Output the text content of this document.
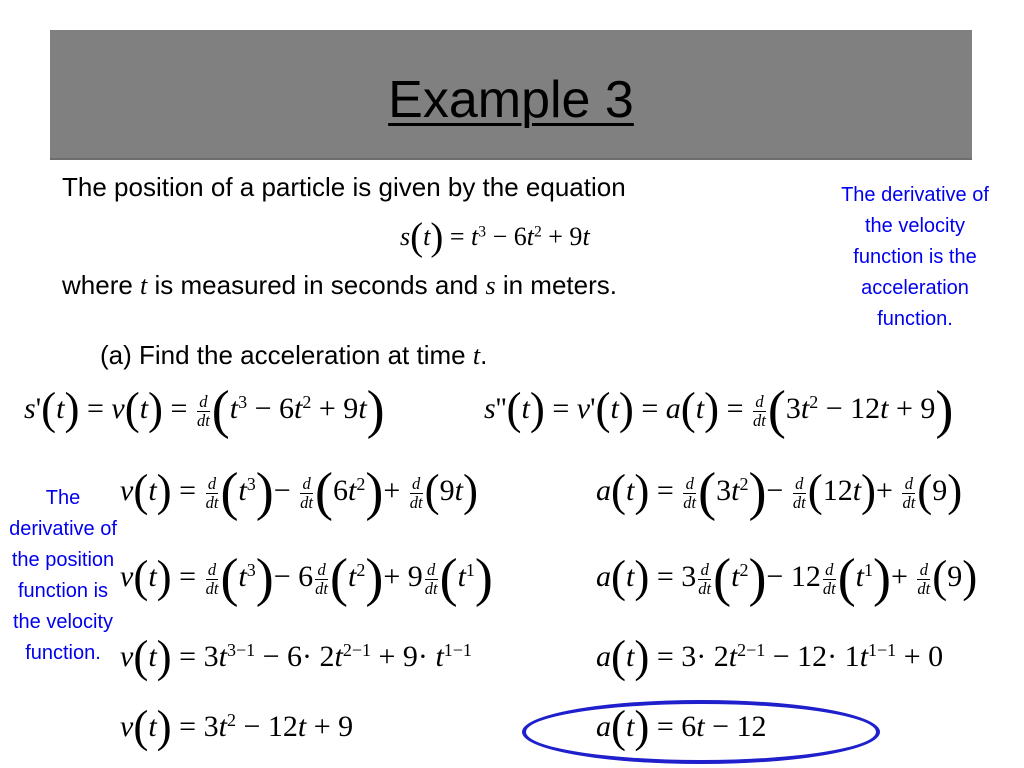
Example 3
The position of a particle is given by the equation
$s(t) = t^3 - 6t^2 + 9t$
where t is measured in seconds and s in meters.
(a) Find the acceleration at time t.
$s'(t) = v(t) = \frac{d}{dt} (t^3 - 6t^2 + 9t)$
$v(t) = \frac{d}{dt} (t^3)- \frac{d}{dt} (6t^2)+ \frac{d}{dt} (9t)$
$v(t) = \frac{d}{dt} (t^3)- 6 \frac{d}{dt} (t^2)+ 9 \frac{d}{dt} (t^1)$
$v(t) = 3t^{3-1} - 6\cdot 2t^{2-1} + 9\cdot t^{1-1}$
$v(t) = 3t^2 - 12t + 9$
$s''(t) = v'(t) = a(t) = \frac{d}{dt} (3t^2 - 12t + 9)$
$a(t) = \frac{d}{dt} (3t^2)- \frac{d}{dt} (12t)+ \frac{d}{dt} (9)$
$a(t) = 3 \frac{d}{dt} (t^2)- 12 \frac{d}{dt} (t^1)+ \frac{d}{dt} (9)$
$a(t) = 3\cdot 2t^{2-1} - 12\cdot 1t^{1-1} + 0$
a(t) = 6t − 12
The derivative of the velocity function is the acceleration function.
The derivative of the position function is the velocity function.
